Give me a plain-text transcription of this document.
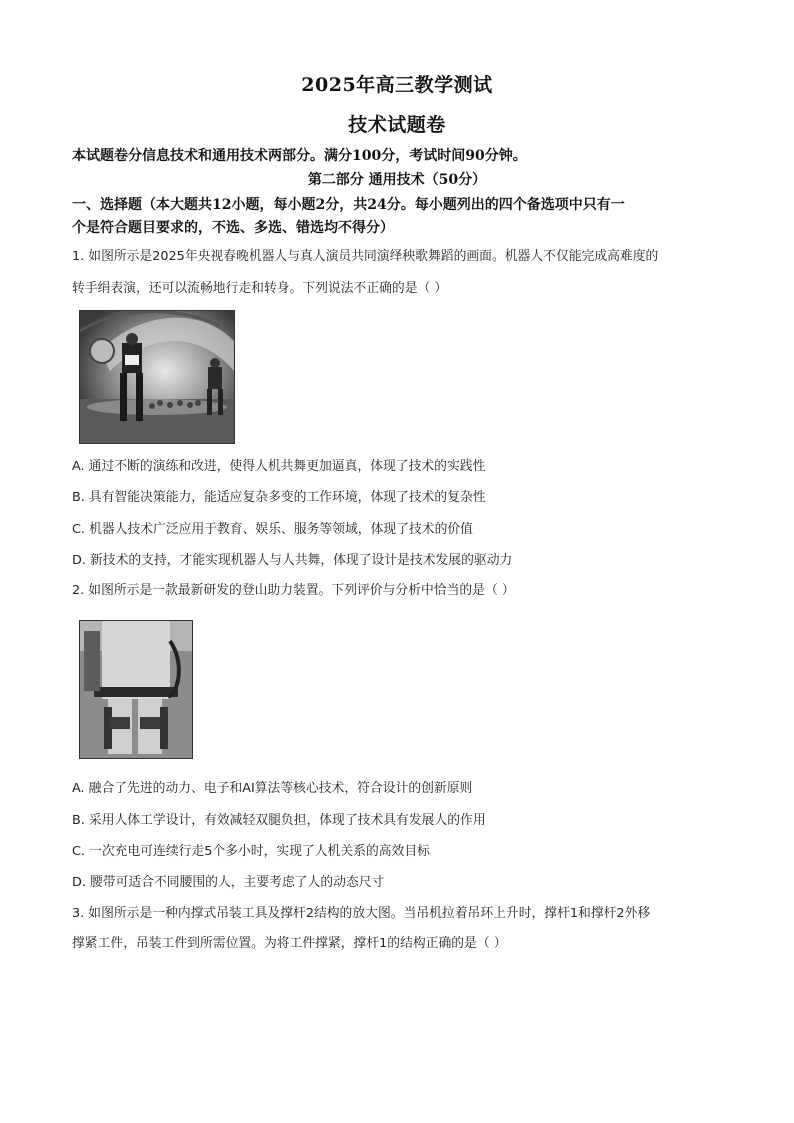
2025年高三教学测试
技术试题卷
本试题卷分信息技术和通用技术两部分。满分100分，考试时间90分钟。
第二部分 通用技术（50分）
一、选择题（本大题共12小题，每小题2分，共24分。每小题列出的四个备选项中只有一
个是符合题目要求的，不选、多选、错选均不得分）
1. 如图所示是2025年央视春晚机器人与真人演员共同演绎秧歌舞蹈的画面。机器人不仅能完成高难度的
转手绢表演，还可以流畅地行走和转身。下列说法不正确的是（ ）
A. 通过不断的演练和改进，使得人机共舞更加逼真，体现了技术的实践性
B. 具有智能决策能力，能适应复杂多变的工作环境，体现了技术的复杂性
C. 机器人技术广泛应用于教育、娱乐、服务等领域，体现了技术的价值
D. 新技术的支持，才能实现机器人与人共舞，体现了设计是技术发展的驱动力
2. 如图所示是一款最新研发的登山助力装置。下列评价与分析中恰当的是（ ）
A. 融合了先进的动力、电子和AI算法等核心技术，符合设计的创新原则
B. 采用人体工学设计，有效减轻双腿负担，体现了技术具有发展人的作用
C. 一次充电可连续行走5个多小时，实现了人机关系的高效目标
D. 腰带可适合不同腰围的人，主要考虑了人的动态尺寸
3. 如图所示是一种内撑式吊装工具及撑杆2结构的放大图。当吊机拉着吊环上升时，撑杆1和撑杆2外移
撑紧工件，吊装工件到所需位置。为将工件撑紧，撑杆1的结构正确的是（ ）
